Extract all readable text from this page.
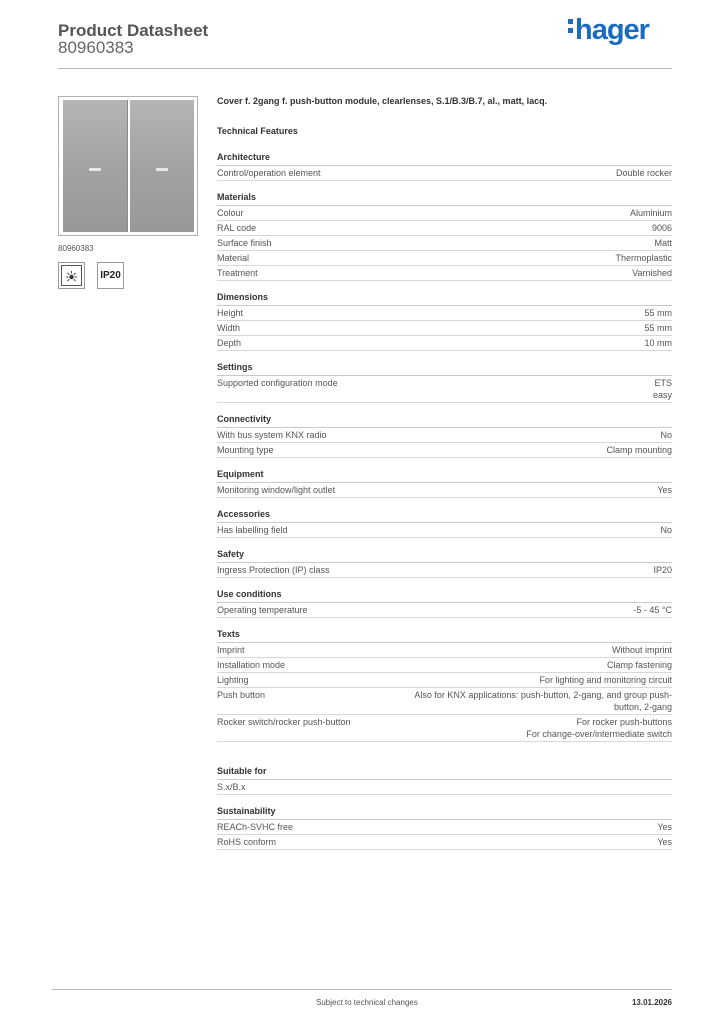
Product Datasheet
80960383
hager
80960383
IP20
Cover f. 2gang f. push-button module, clearlenses, S.1/B.3/B.7, al., matt, lacq.
Technical Features
Architecture
Control/operation element	Double rocker
Materials
Colour	Aluminium
RAL code	9006
Surface finish	Matt
Material	Thermoplastic
Treatment	Varnished
Dimensions
Height	55 mm
Width	55 mm
Depth	10 mm
Settings
Supported configuration mode	ETS
easy
Connectivity
With bus system KNX radio	No
Mounting type	Clamp mounting
Equipment
Monitoring window/light outlet	Yes
Accessories
Has labelling field	No
Safety
Ingress Protection (IP) class	IP20
Use conditions
Operating temperature	-5 - 45 °C
Texts
Imprint	Without imprint
Installation mode	Clamp fastening
Lighting	For lighting and monitoring circuit
Push button	Also for KNX applications: push-button, 2-gang, and group push-
button, 2-gang
Rocker switch/rocker push-button	For rocker push-buttons
For change-over/intermediate switch
Suitable for
S.x/B.x
Sustainability
REACh-SVHC free	Yes
RoHS conform	Yes
Subject to technical changes	13.01.2026
